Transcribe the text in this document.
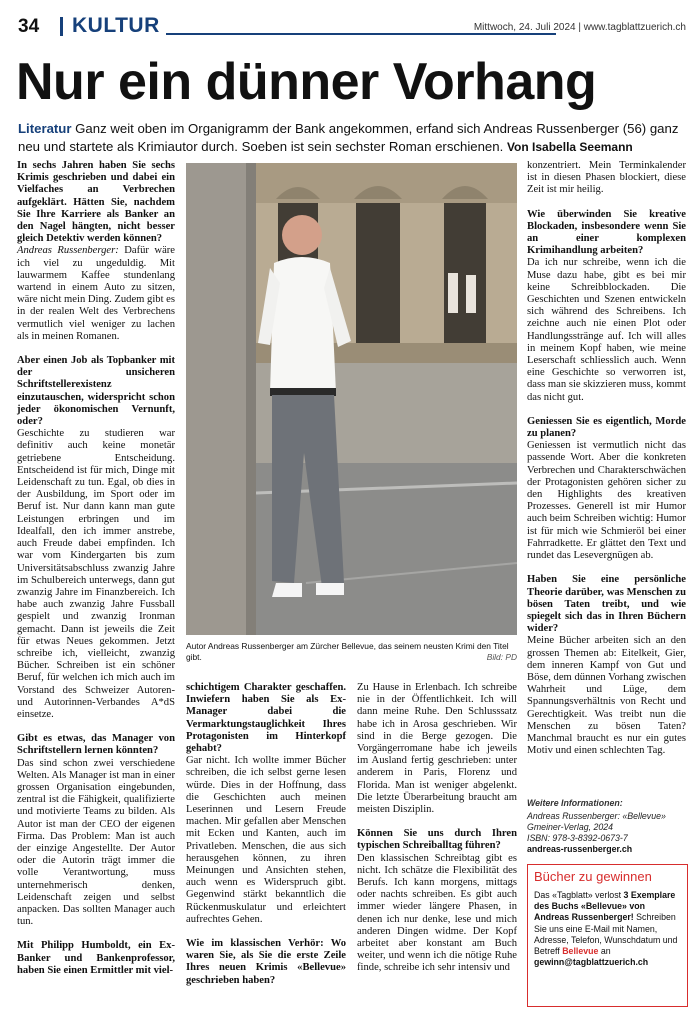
34 KULTUR	Mittwoch, 24. Juli 2024 | www.tagblattzuerich.ch
Nur ein dünner Vorhang
Literatur Ganz weit oben im Organigramm der Bank angekommen, erfand sich Andreas Russenberger (56) ganz neu und startete als Krimiautor durch. Soeben ist sein sechster Roman erschienen. Von Isabella Seemann

In sechs Jahren haben Sie sechs Krimis geschrieben und dabei ein Vielfaches an Verbrechen aufgeklärt. Hätten Sie, nachdem Sie Ihre Karriere als Banker an den Nagel hängten, nicht besser gleich Detektiv werden können?

Andreas Russenberger: Dafür wäre ich viel zu ungeduldig. Mit lauwarmem Kaffee stundenlang wartend in einem Auto zu sitzen, wäre nicht mein Ding. Zudem gibt es in der realen Welt des Verbrechens vermutlich viel weniger zu lachen als in meinen Romanen.

Aber einen Job als Topbanker mit der unsicheren Schriftstellerexistenz einzutauschen, widerspricht schon jeder ökonomischen Vernunft, oder?

Geschichte zu studieren war definitiv auch keine monetär getriebene Entscheidung. Entscheidend ist für mich, Dinge mit Leidenschaft zu tun. Egal, ob dies in der Ausbildung, im Sport oder im Beruf ist. Nur dann kann man gute Leistungen erbringen und im Idealfall, den ich immer anstrebe, auch Freude dabei empfinden. Ich war vom Kindergarten bis zum Universitätsabschluss zwanzig Jahre im Schulbereich unterwegs, dann gut zwanzig Jahre im Finanzbereich. Ich habe auch zwanzig Jahre Fussball gespielt und zwanzig Ironman gemacht. Dann ist jeweils die Zeit für etwas Neues gekommen. Jetzt schreibe ich, vielleicht, zwanzig Bücher. Schreiben ist ein schöner Beruf, für welchen ich mich auch im Vorstand des Schweizer Autoren- und Autorinnen-Verbandes A*dS einsetze.

Gibt es etwas, das Manager von Schriftstellern lernen könnten?

Das sind schon zwei verschiedene Welten. Als Manager ist man in einer grossen Organisation eingebunden, zentral ist die Fähigkeit, qualifizierte und motivierte Teams zu bilden. Als Autor ist man der CEO der eigenen Firma. Das Problem: Man ist auch der einzige Angestellte. Der Autor oder die Autorin trägt immer die volle Verantwortung, muss unternehmerisch denken, Leidenschaft zeigen und selbst anpacken. Das sollten Manager auch tun.

Mit Philipp Humboldt, ein Ex-Banker und Bankenprofessor, haben Sie einen Ermittler mit viel-

Autor Andreas Russenberger am Zürcher Bellevue, das seinem neusten Krimi den Titel gibt.	Bild: PD

schichtigem Charakter geschaffen. Inwiefern haben Sie als Ex-Manager dabei die Vermarktungstauglichkeit Ihres Protagonisten im Hinterkopf gehabt?

Gar nicht. Ich wollte immer Bücher schreiben, die ich selbst gerne lesen würde. Dies in der Hoffnung, dass die Geschichten auch meinen Leserinnen und Lesern Freude machen. Mir gefallen aber Menschen mit Ecken und Kanten, auch im Privatleben. Menschen, die aus sich herausgehen können, zu ihren Meinungen und Ansichten stehen, auch wenn es Widerspruch gibt. Gegenwind stärkt bekanntlich die Rückenmuskulatur und erleichtert aufrechtes Gehen.

Wie im klassischen Verhör: Wo waren Sie, als Sie die erste Zeile Ihres neuen Krimis «Bellevue» geschrieben haben?

Zu Hause in Erlenbach. Ich schreibe nie in der Öffentlichkeit. Ich will dann meine Ruhe. Den Schlusssatz habe ich in Arosa geschrieben. Wir sind in die Berge gezogen. Die Vorgängerromane habe ich jeweils im Ausland fertig geschrieben: unter anderem in Paris, Florenz und Florida. Man ist weniger abgelenkt. Die letzte Überarbeitung braucht am meisten Disziplin.

Können Sie uns durch Ihren typischen Schreiballtag führen?

Den klassischen Schreibtag gibt es nicht. Ich schätze die Flexibilität des Berufs. Ich kann morgens, mittags oder nachts schreiben. Es gibt auch immer wieder längere Phasen, in denen ich nur denke, lese und mich anderen Dingen widme. Der Kopf arbeitet aber konstant am Buch weiter, und wenn ich die nötige Ruhe finde, schreibe ich sehr intensiv und

konzentriert. Mein Terminkalender ist in diesen Phasen blockiert, diese Zeit ist mir heilig.

Wie überwinden Sie kreative Blockaden, insbesondere wenn Sie an einer komplexen Krimihandlung arbeiten?

Da ich nur schreibe, wenn ich die Muse dazu habe, gibt es bei mir keine Schreibblockaden. Die Geschichten und Szenen entwickeln sich während des Schreibens. Ich zeichne auch nie einen Plot oder Handlungsstränge auf. Ich will alles in meinem Kopf haben, wie meine Leserschaft schliesslich auch. Wenn eine Geschichte so verworren ist, dass man sie skizzieren muss, kommt das nicht gut.

Geniessen Sie es eigentlich, Morde zu planen?

Geniessen ist vermutlich nicht das passende Wort. Aber die konkreten Verbrechen und Charakterschwächen der Protagonisten gehören sicher zu den Highlights des kreativen Prozesses. Generell ist mir Humor auch beim Schreiben wichtig: Humor ist für mich wie Schmieröl bei einer Fahrradkette. Er glättet den Text und rundet das Lesevergnügen ab.

Haben Sie eine persönliche Theorie darüber, was Menschen zu bösen Taten treibt, und wie spiegelt sich das in Ihren Büchern wider?

Meine Bücher arbeiten sich an den grossen Themen ab: Eitelkeit, Gier, dem inneren Kampf von Gut und Böse, dem dünnen Vorhang zwischen Wahrheit und Lüge, dem Spannungsverhältnis von Recht und Gerechtigkeit. Was treibt nun die Menschen zu bösen Taten? Manchmal braucht es nur ein gutes Motiv und einen schlechten Tag.

Weitere Informationen:
Andreas Russenberger: «Bellevue»
Gmeiner-Verlag, 2024
ISBN: 978-3-8392-0673-7
andreas-russenberger.ch
Bücher zu gewinnen
Das «Tagblatt» verlost 3 Exemplare des Buchs «Bellevue» von Andreas Russenberger! Schreiben Sie uns eine E-Mail mit Namen, Adresse, Telefon, Wunschdatum und Betreff Bellevue an gewinn@tagblattzuerich.ch
